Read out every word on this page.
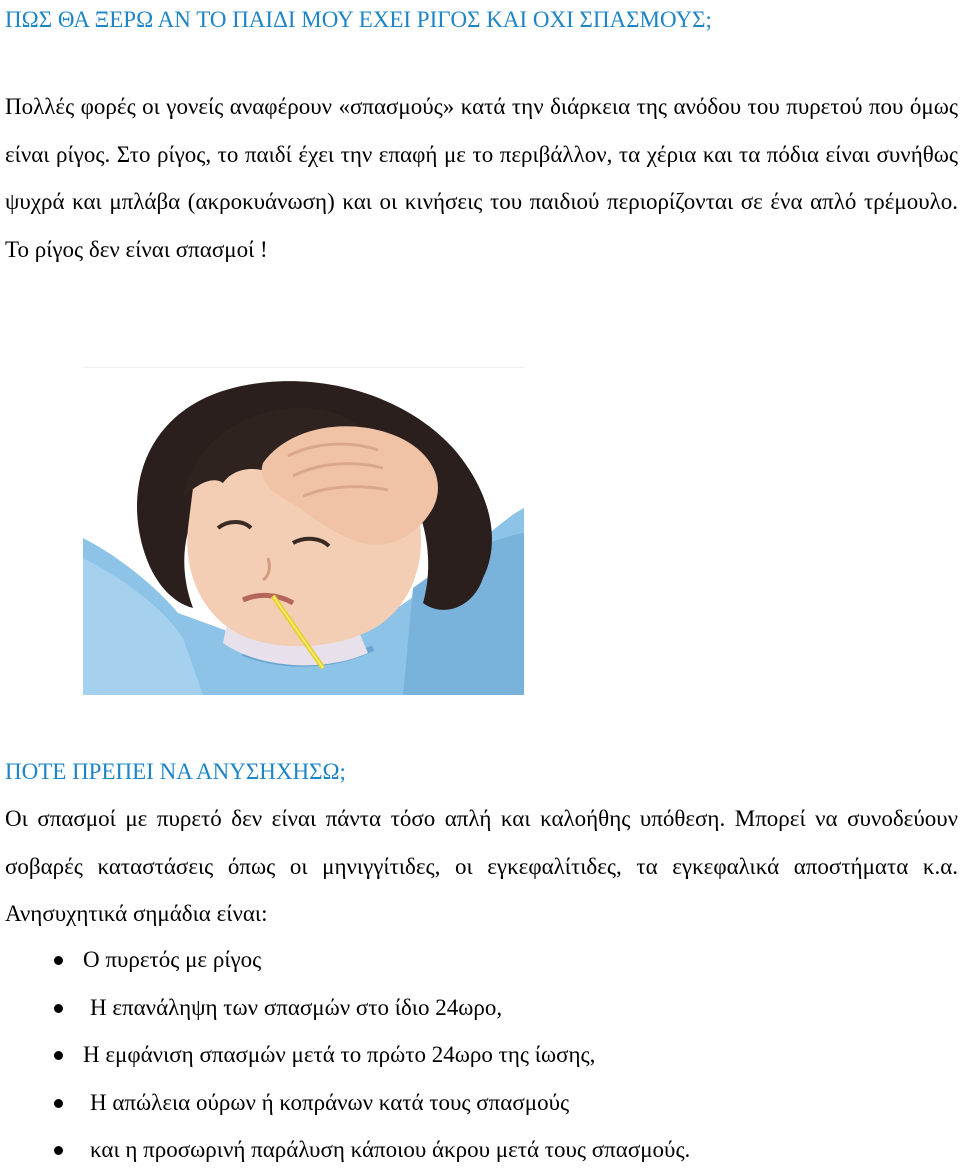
ΠΩΣ ΘΑ ΞΕΡΩ ΑΝ ΤΟ ΠΑΙΔΙ ΜΟΥ ΕΧΕΙ ΡΙΓΟΣ ΚΑΙ ΟΧΙ ΣΠΑΣΜΟΥΣ;
Πολλές φορές οι γονείς αναφέρουν «σπασμούς» κατά την διάρκεια της ανόδου του πυρετού που όμως είναι ρίγος. Στο ρίγος, το παιδί έχει την επαφή με το περιβάλλον, τα χέρια και τα πόδια είναι συνήθως ψυχρά και μπλάβα (ακροκυάνωση) και οι κινήσεις του παιδιού περιορίζονται σε ένα απλό τρέμουλο. Το ρίγος δεν είναι σπασμοί !
ΠΟΤΕ ΠΡΕΠΕΙ ΝΑ ΑΝΥΣΗΧΗΣΩ;
Οι σπασμοί με πυρετό δεν είναι πάντα τόσο απλή και καλοήθης υπόθεση. Μπορεί να συνοδεύουν σοβαρές καταστάσεις όπως οι μηνιγγίτιδες, οι εγκεφαλίτιδες, τα εγκεφαλικά αποστήματα κ.α. Ανησυχητικά σημάδια είναι:
Ο πυρετός με ρίγος
Η επανάληψη των σπασμών στο ίδιο 24ωρο,
Η εμφάνιση σπασμών μετά το πρώτο 24ωρο της ίωσης,
Η απώλεια ούρων ή κοπράνων κατά τους σπασμούς
και η προσωρινή παράλυση κάποιου άκρου μετά τους σπασμούς.
